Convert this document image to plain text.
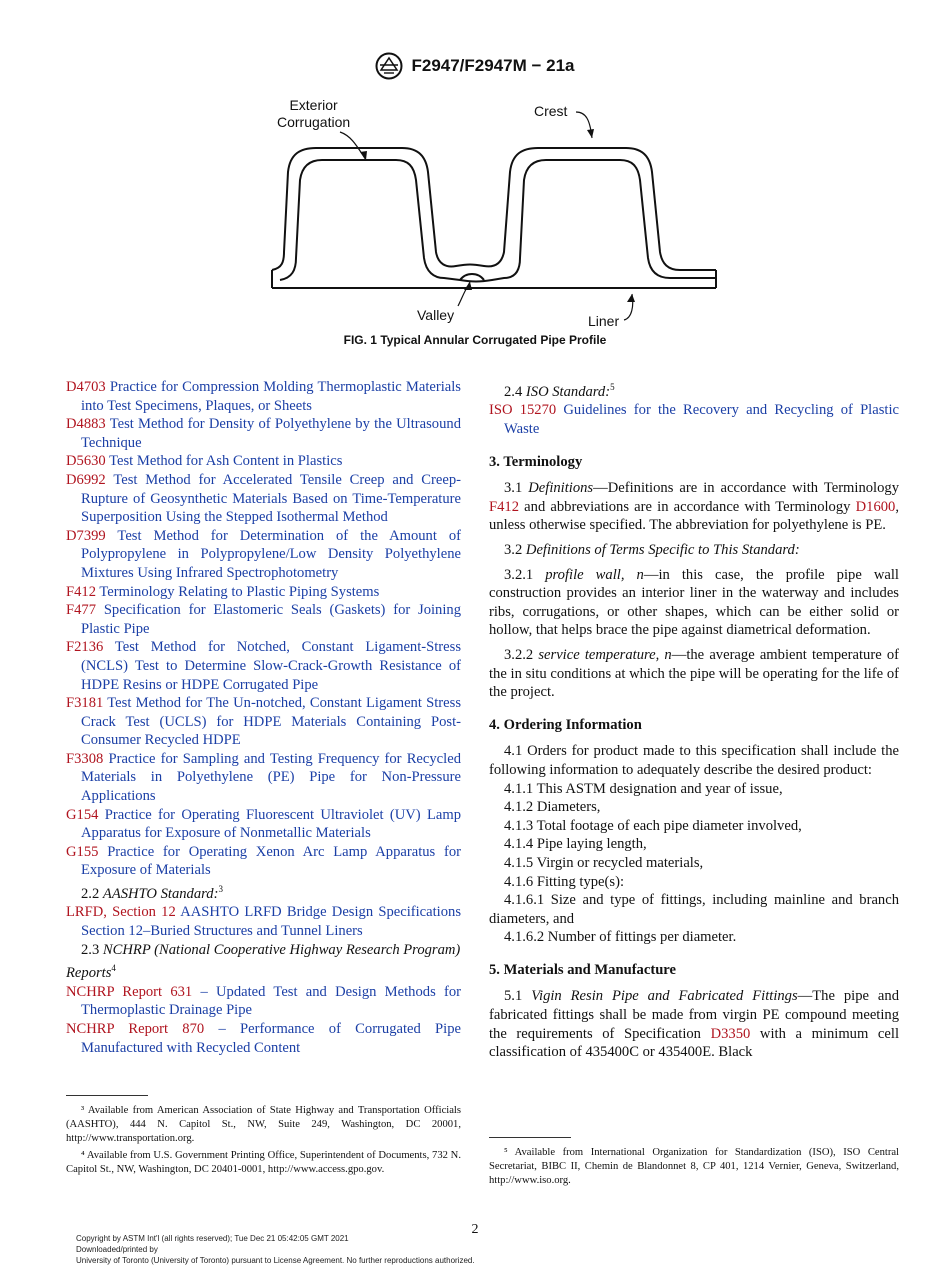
F2947/F2947M − 21a
Exterior
Corrugation
Crest
Valley	Liner
FIG. 1 Typical Annular Corrugated Pipe Profile

D4703 Practice for Compression Molding Thermoplastic Materials into Test Specimens, Plaques, or Sheets

D4883 Test Method for Density of Polyethylene by the Ultrasound Technique

D5630 Test Method for Ash Content in Plastics

D6992 Test Method for Accelerated Tensile Creep and Creep-Rupture of Geosynthetic Materials Based on Time-Temperature Superposition Using the Stepped Isothermal Method

D7399 Test Method for Determination of the Amount of Polypropylene in Polypropylene/Low Density Polyethylene Mixtures Using Infrared Spectrophotometry

F412 Terminology Relating to Plastic Piping Systems

F477 Specification for Elastomeric Seals (Gaskets) for Joining Plastic Pipe

F2136 Test Method for Notched, Constant Ligament-Stress (NCLS) Test to Determine Slow-Crack-Growth Resistance of HDPE Resins or HDPE Corrugated Pipe

F3181 Test Method for The Un-notched, Constant Ligament Stress Crack Test (UCLS) for HDPE Materials Containing Post- Consumer Recycled HDPE

F3308 Practice for Sampling and Testing Frequency for Recycled Materials in Polyethylene (PE) Pipe for Non-Pressure Applications

G154 Practice for Operating Fluorescent Ultraviolet (UV) Lamp Apparatus for Exposure of Nonmetallic Materials

G155 Practice for Operating Xenon Arc Lamp Apparatus for Exposure of Materials

2.2 AASHTO Standard:$^3$

LRFD, Section 12 AASHTO LRFD Bridge Design Specifications Section 12–Buried Structures and Tunnel Liners

2.3 NCHRP (National Cooperative Highway Research Program) Reports$^4$

NCHRP Report 631 – Updated Test and Design Methods for Thermoplastic Drainage Pipe

NCHRP Report 870 – Performance of Corrugated Pipe Manufactured with Recycled Content

³ Available from American Association of State Highway and Transportation Officials (AASHTO), 444 N. Capitol St., NW, Suite 249, Washington, DC 20001, http://www.transportation.org.

⁴ Available from U.S. Government Printing Office, Superintendent of Documents, 732 N. Capitol St., NW, Washington, DC 20401-0001, http://www.access.gpo.gov.

2.4 ISO Standard:$^5$

ISO 15270 Guidelines for the Recovery and Recycling of Plastic Waste

3. Terminology

3.1 Definitions—Definitions are in accordance with Terminology F412 and abbreviations are in accordance with Terminology D1600, unless otherwise specified. The abbreviation for polyethylene is PE.

3.2 Definitions of Terms Specific to This Standard:

3.2.1 profile wall, n—in this case, the profile pipe wall construction provides an interior liner in the waterway and includes ribs, corrugations, or other shapes, which can be either solid or hollow, that helps brace the pipe against diametrical deformation.

3.2.2 service temperature, n—the average ambient temperature of the in situ conditions at which the pipe will be operating for the life of the project.

4. Ordering Information

4.1 Orders for product made to this specification shall include the following information to adequately describe the desired product:

4.1.1 This ASTM designation and year of issue,

4.1.2 Diameters,

4.1.3 Total footage of each pipe diameter involved,

4.1.4 Pipe laying length,

4.1.5 Virgin or recycled materials,

4.1.6 Fitting type(s):

4.1.6.1 Size and type of fittings, including mainline and branch diameters, and

4.1.6.2 Number of fittings per diameter.

5. Materials and Manufacture

5.1 Vigin Resin Pipe and Fabricated Fittings—The pipe and fabricated fittings shall be made from virgin PE compound meeting the requirements of Specification D3350 with a minimum cell classification of 435400C or 435400E. Black

⁵ Available from International Organization for Standardization (ISO), ISO Central Secretariat, BIBC II, Chemin de Blandonnet 8, CP 401, 1214 Vernier, Geneva, Switzerland, http://www.iso.org.

2
Copyright by ASTM Int'l (all rights reserved); Tue Dec 21 05:42:05 GMT 2021
Downloaded/printed by
University of Toronto (University of Toronto) pursuant to License Agreement. No further reproductions authorized.
